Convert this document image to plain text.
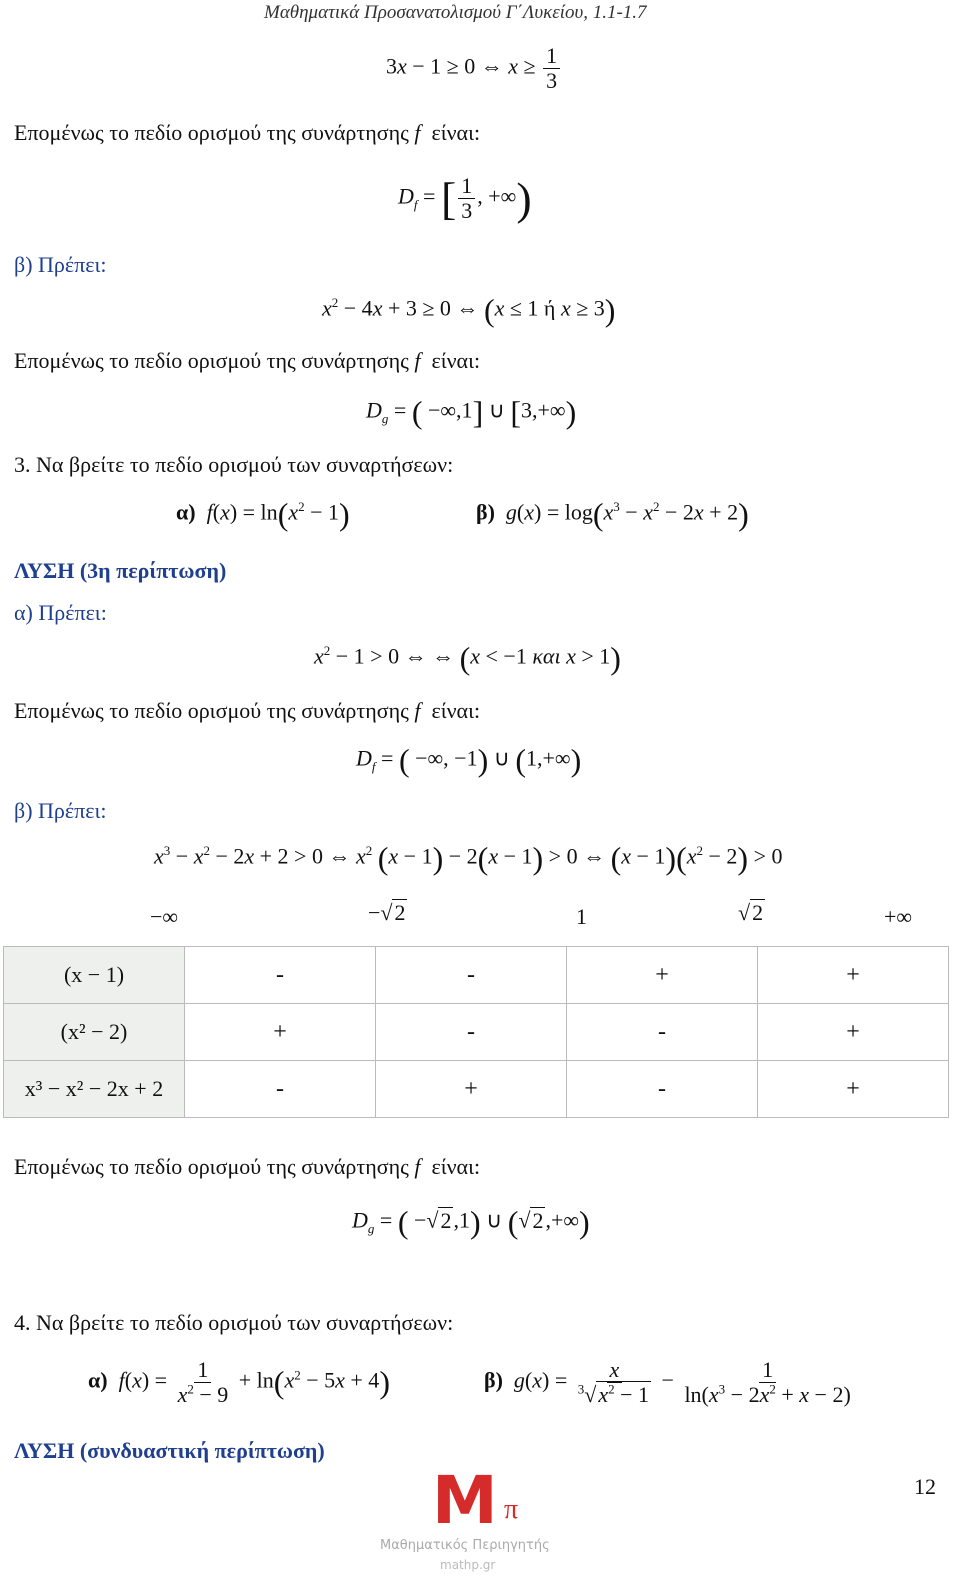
Μαθηματικά Προσανατολισμού Γ΄Λυκείου, 1.1-1.7
3x − 1 ≥ 0 ⇔ $x \ge \frac{1}{3}$
Επομένως το πεδίο ορισμού της συνάρτησης f είναι:
$D_f$ = [ $\frac{1}{3}$ , +∞)
β) Πρέπει:
$x^2 - 4x + 3 \ge 0$ ⇔ (x ≤ 1 ή x ≥ 3)
Επομένως το πεδίο ορισμού της συνάρτησης f είναι:
$D_g$ = ( −∞,1] ∪ [3,+∞)
3. Να βρείτε το πεδίο ορισμού των συναρτήσεων:
α) $f(x) = \ln(x^2 - 1)$	β) $g(x) = \log(x^3 - x^2 - 2x + 2)$
ΛΥΣΗ (3η περίπτωση)
α) Πρέπει:
$x^2 - 1 > 0$ ⇔ ⇔ (x < −1 και x > 1)
Επομένως το πεδίο ορισμού της συνάρτησης f είναι:
$D_f$ = ( −∞, −1) ∪ (1,+∞)
β) Πρέπει:
$x^3 - x^2 - 2x + 2 > 0$ ⇔ $x^2$ (x − 1) − 2(x − 1) > 0 ⇔ $(x - 1)(x^2 - 2) > 0$
−∞	−√2	1	√2	+∞
(x − 1)	-	-	+	+
(x² − 2)	+	-	-	+
x³ − x² − 2x + 2	-	+	-	+
Επομένως το πεδίο ορισμού της συνάρτησης f είναι:
$D_g$ = ( −√2,1) ∪ (√2,+∞)
4. Να βρείτε το πεδίο ορισμού των συναρτήσεων:
α) $f(x) = \frac{1}{x^2 - 9} + \ln(x^2 - 5x + 4)$	β) $g(x) = \frac{x}{^3√x^2 - 1} - \frac{1}{\ln(x^3 - 2x^2 + x - 2)}$
ΛΥΣΗ (συνδυαστική περίπτωση)
12
M π
Μαθηματικός Περιηγητής
mathp.gr
